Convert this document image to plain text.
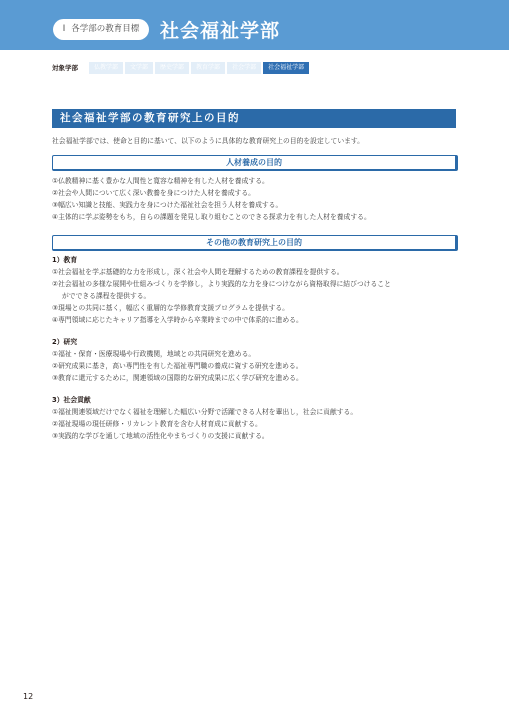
Ⅰ 各学部の教育目標	社会福祉学部
対象学部	仏教学部	文学部	歴史学部	教育学部	社会学部	社会福祉学部
社会福祉学部の教育研究上の目的
社会福祉学部では、使命と目的に基いて、以下のように具体的な教育研究上の目的を設定しています。
人材養成の目的
①仏教精神に基く豊かな人間性と寛容な精神を有した人材を養成する。
②社会や人間について広く深い教養を身につけた人材を養成する。
③幅広い知識と技能、実践力を身につけた福祉社会を担う人材を養成する。
④主体的に学ぶ姿勢をもち，自らの課題を発見し取り組むことのできる探求力を有した人材を養成する。
その他の教育研究上の目的
1）教育
①社会福祉を学ぶ基礎的な力を形成し，深く社会や人間を理解するための教育課程を提供する。
②社会福祉の多様な展開や仕組みづくりを学修し，より実践的な力を身につけながら資格取得に結びつけること
がでできる課程を提供する。
③現場との共同に基く，幅広く重層的な学修教育支援プログラムを提供する。
④専門領域に応じたキャリア指導を入学時から卒業時までの中で体系的に進める。
2）研究
①福祉・保育・医療現場や行政機関，地域との共同研究を進める。
②研究成果に基き，高い専門性を有した福祉専門職の養成に資する研究を進める。
③教育に還元するために，関連領域の国際的な研究成果に広く学び研究を進める。
3）社会貢献
①福祉関連領域だけでなく福祉を理解した幅広い分野で活躍できる人材を輩出し，社会に貢献する。
②福祉現場の現任研修・リカレント教育を含む人材育成に貢献する。
③実践的な学びを通して地域の活性化やまちづくりの支援に貢献する。
12
